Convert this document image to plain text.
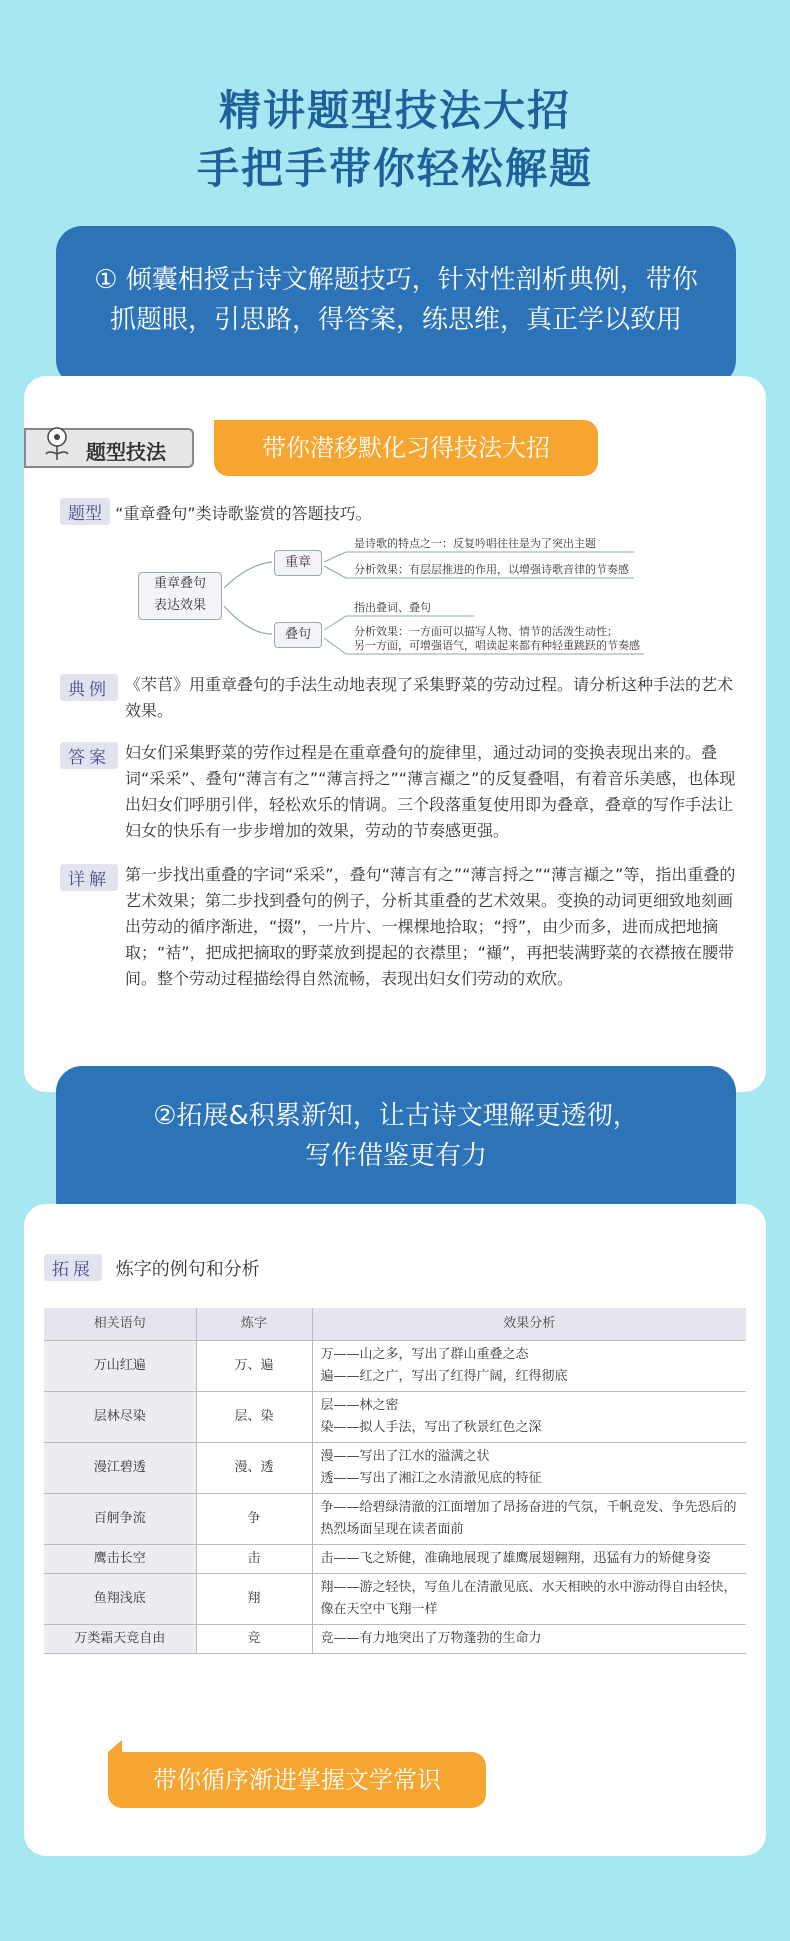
精讲题型技法大招
手把手带你轻松解题
① 倾囊相授古诗文解题技巧，针对性剖析典例，带你
抓题眼，引思路，得答案，练思维，真正学以致用
题型技法	带你潜移默化习得技法大招
题型 “重章叠句”类诗歌鉴赏的答题技巧。
重章叠句
表达效果
重章
叠句
是诗歌的特点之一：反复吟唱往往是为了突出主题
分析效果：有层层推进的作用，以增强诗歌音律的节奏感
指出叠词、叠句
分析效果：一方面可以描写人物、情节的活泼生动性；
另一方面，可增强语气，唱读起来都有种轻重跳跃的节奏感
典例 《芣苢》用重章叠句的手法生动地表现了采集野菜的劳动过程。请分析这种手法的艺术效果。
答案 妇女们采集野菜的劳作过程是在重章叠句的旋律里，通过动词的变换表现出来的。叠词“采采”、叠句“薄言有之”“薄言捋之”“薄言襭之”的反复叠唱，有着音乐美感，也体现出妇女们呼朋引伴，轻松欢乐的情调。三个段落重复使用即为叠章，叠章的写作手法让妇女的快乐有一步步增加的效果，劳动的节奏感更强。
详解 第一步找出重叠的字词“采采”，叠句“薄言有之”“薄言捋之”“薄言襭之”等，指出重叠的艺术效果；第二步找到叠句的例子，分析其重叠的艺术效果。变换的动词更细致地刻画出劳动的循序渐进，“掇”，一片片、一棵棵地拾取；“捋”，由少而多，进而成把地摘取；“袺”，把成把摘取的野菜放到提起的衣襟里；“襭”，再把装满野菜的衣襟掖在腰带间。整个劳动过程描绘得自然流畅，表现出妇女们劳动的欢欣。
②拓展&积累新知，让古诗文理解更透彻，
写作借鉴更有力
拓展 炼字的例句和分析
相关语句	炼字	效果分析
万山红遍	万、遍	万——山之多，写出了群山重叠之态
遍——红之广，写出了红得广阔，红得彻底
层林尽染	层、染	层——林之密
染——拟人手法，写出了秋景红色之深
漫江碧透	漫、透	漫——写出了江水的溢满之状
透——写出了湘江之水清澈见底的特征
百舸争流	争	争——给碧绿清澈的江面增加了昂扬奋进的气氛，千帆竞发、争先恐后的热烈场面呈现在读者面前
鹰击长空	击	击——飞之矫健，准确地展现了雄鹰展翅翱翔，迅猛有力的矫健身姿
鱼翔浅底	翔	翔——游之轻快，写鱼儿在清澈见底、水天相映的水中游动得自由轻快，像在天空中飞翔一样
万类霜天竞自由	竞	竞——有力地突出了万物蓬勃的生命力
带你循序渐进掌握文学常识
